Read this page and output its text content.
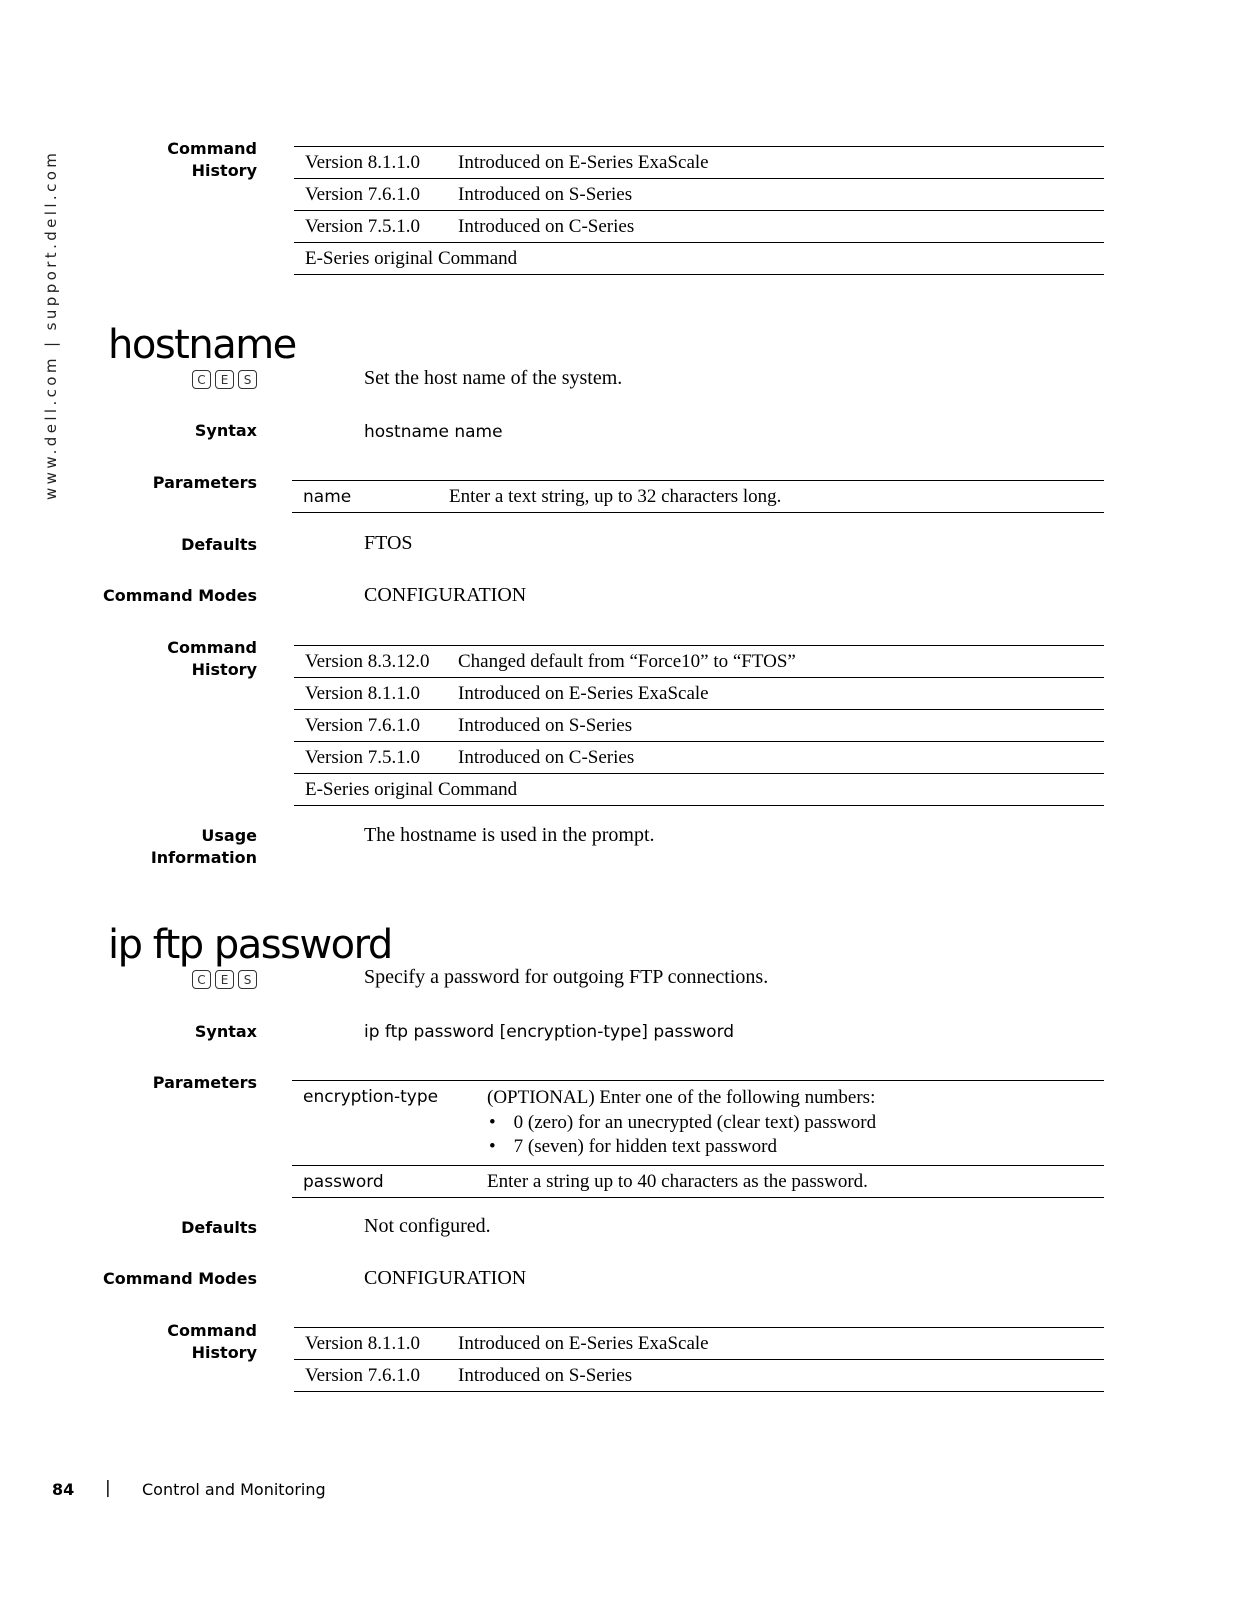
www.dell.com | support.dell.com
Command
History	Version 8.1.1.0	Introduced on E-Series ExaScale
Version 7.6.1.0	Introduced on S-Series
Version 7.5.1.0	Introduced on C-Series
E-Series original Command
hostname
C	E	S	Set the host name of the system.
Syntax	hostname name
Parameters
name	Enter a text string, up to 32 characters long.
Defaults	FTOS
Command Modes	CONFIGURATION
Command
History	Version 8.3.12.0	Changed default from “Force10” to “FTOS”
Version 8.1.1.0	Introduced on E-Series ExaScale
Version 7.6.1.0	Introduced on S-Series
Version 7.5.1.0	Introduced on C-Series
E-Series original Command
Usage
Information
The hostname is used in the prompt.
ip ftp password
C	E	S	Specify a password for outgoing FTP connections.
Syntax	ip ftp password [encryption-type] password
Parameters
encryption-type	(OPTIONAL) Enter one of the following numbers:
• 0 (zero) for an unecrypted (clear text) password
• 7 (seven) for hidden text password
password	Enter a string up to 40 characters as the password.
Defaults	Not configured.
Command Modes	CONFIGURATION
Command
History	Version 8.1.1.0	Introduced on E-Series ExaScale
Version 7.6.1.0	Introduced on S-Series
84 | Control and Monitoring
